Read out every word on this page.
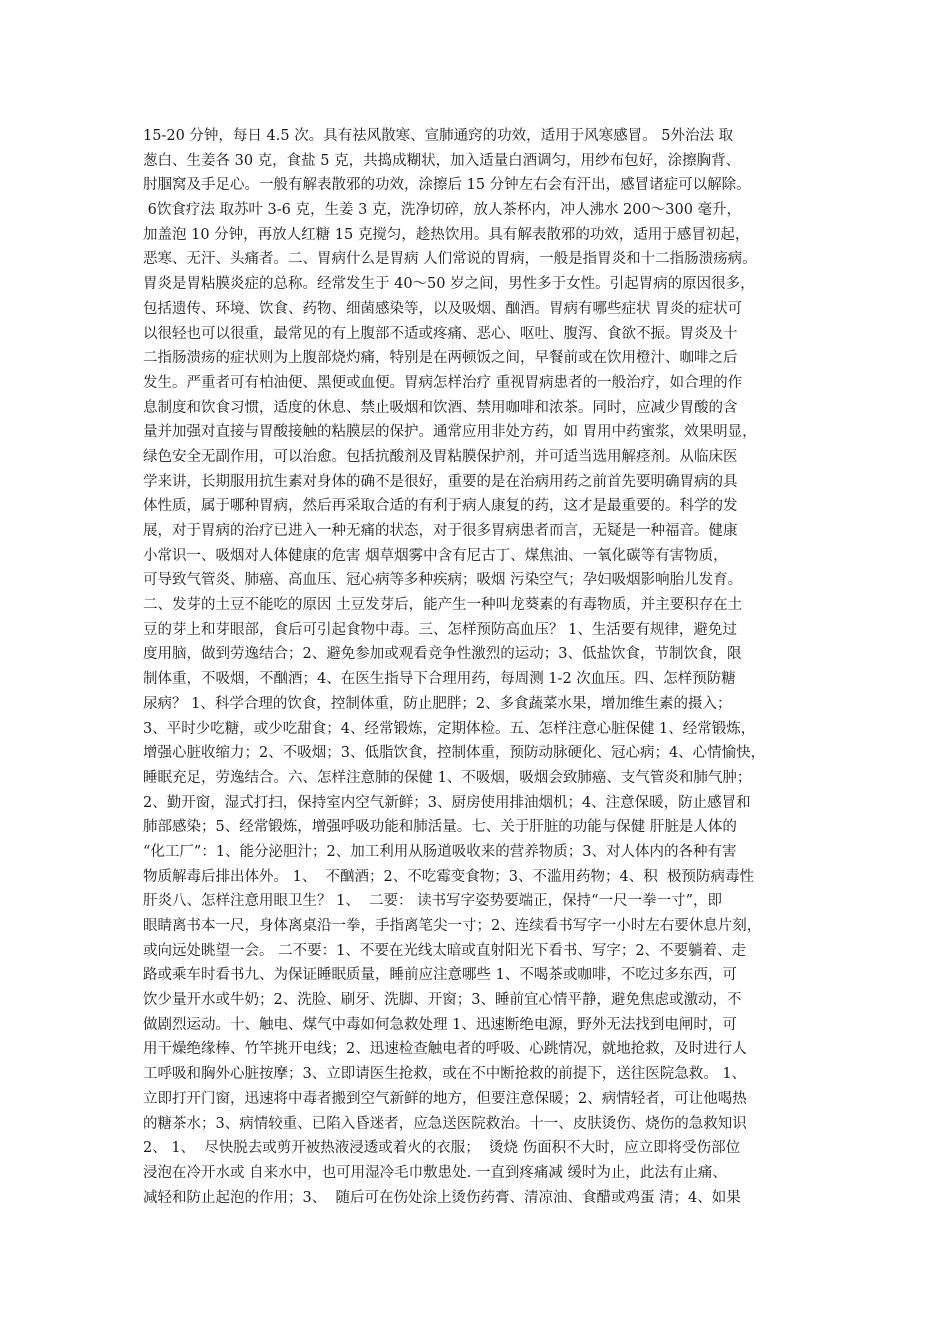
15-20 分钟，每日 4.5 次。具有祛风散寒、宣肺通窍的功效，适用于风寒感冒。 5外治法 取
葱白、生姜各 30 克，食盐 5 克，共捣成糊状，加入适量白酒调匀，用纱布包好，涂擦胸背、
肘腘窝及手足心。一般有解表散邪的功效，涂擦后 15 分钟左右会有汗出，感冒诸症可以解除。
6饮食疗法 取苏叶 3-6 克，生姜 3 克，洗净切碎，放人茶杯内，冲人沸水 200～300 毫升，
加盖泡 10 分钟，再放人红糖 15 克搅匀，趁热饮用。具有解表散邪的功效，适用于感冒初起，
恶寒、无汗、头痛者。二、胃病什么是胃病 人们常说的胃病，一般是指胃炎和十二指肠溃疡病。
胃炎是胃粘膜炎症的总称。经常发生于 40～50 岁之间，男性多于女性。引起胃病的原因很多，
包括遗传、环境、饮食、药物、细菌感染等，以及吸烟、酗酒。胃病有哪些症状 胃炎的症状可
以很轻也可以很重，最常见的有上腹部不适或疼痛、恶心、呕吐、腹泻、食欲不振。胃炎及十
二指肠溃疡的症状则为上腹部烧灼痛，特别是在两顿饭之间，早餐前或在饮用橙汁、咖啡之后
发生。严重者可有柏油便、黑便或血便。胃病怎样治疗 重视胃病患者的一般治疗，如合理的作
息制度和饮食习惯，适度的休息、禁止吸烟和饮酒、禁用咖啡和浓茶。同时，应减少胃酸的含
量并加强对直接与胃酸接触的粘膜层的保护。通常应用非处方药，如 胃用中药蜜浆，效果明显，
绿色安全无副作用，可以治愈。包括抗酸剂及胃粘膜保护剂，并可适当选用解痉剂。从临床医
学来讲，长期服用抗生素对身体的确不是很好，重要的是在治病用药之前首先要明确胃病的具
体性质，属于哪种胃病，然后再采取合适的有利于病人康复的药，这才是最重要的。科学的发
展，对于胃病的治疗已进入一种无痛的状态，对于很多胃病患者而言，无疑是一种福音。健康
小常识一、吸烟对人体健康的危害 烟草烟雾中含有尼古丁、煤焦油、一氧化碳等有害物质，
可导致气管炎、肺癌、高血压、冠心病等多种疾病；吸烟 污染空气；孕妇吸烟影响胎儿发育。
二、发芽的土豆不能吃的原因 土豆发芽后，能产生一种叫龙葵素的有毒物质，并主要积存在土
豆的芽上和芽眼部，食后可引起食物中毒。三、怎样预防高血压？ 1、生活要有规律，避免过
度用脑，做到劳逸结合；2、避免参加或观看竞争性激烈的运动；3、低盐饮食，节制饮食，限
制体重，不吸烟，不酗酒；4、在医生指导下合理用药，每周测 1-2 次血压。四、怎样预防糖
尿病？ 1、科学合理的饮食，控制体重，防止肥胖；2、多食蔬菜水果，增加维生素的摄入；
3、平时少吃糖，或少吃甜食；4、经常锻炼，定期体检。五、怎样注意心脏保健 1、经常锻炼，
增强心脏收缩力；2、不吸烟；3、低脂饮食，控制体重，预防动脉硬化、冠心病；4、心情愉快，
睡眠充足，劳逸结合。六、怎样注意肺的保健 1、不吸烟，吸烟会致肺癌、支气管炎和肺气肿；
2、勤开窗，湿式打扫，保持室内空气新鲜；3、厨房使用排油烟机；4、注意保暖，防止感冒和
肺部感染；5、经常锻炼，增强呼吸功能和肺活量。七、关于肝脏的功能与保健 肝脏是人体的
“化工厂”：1、能分泌胆汁；2、加工利用从肠道吸收来的营养物质；3、对人体内的各种有害
物质解毒后排出体外。 1、  不酗酒；2、不吃霉变食物；3、不滥用药物；4、积  极预防病毒性
肝炎八、怎样注意用眼卫生？ 1、  二要： 读书写字姿势要端正，保持“一尺一拳一寸”，即
眼睛离书本一尺，身体离桌沿一拳，手指离笔尖一寸；2、连续看书写字一小时左右要休息片刻，
或向远处眺望一会。 二不要：1、不要在光线太暗或直射阳光下看书、写字；2、不要躺着、走
路或乘车时看书九、为保证睡眠质量，睡前应注意哪些 1、不喝茶或咖啡，不吃过多东西，可
饮少量开水或牛奶；2、洗脸、刷牙、洗脚、开窗；3、睡前宜心情平静，避免焦虑或激动，不
做剧烈运动。十、触电、煤气中毒如何急救处理 1、迅速断绝电源，野外无法找到电闸时，可
用干燥绝缘棒、竹竿挑开电线；2、迅速检查触电者的呼吸、心跳情况，就地抢救，及时进行人
工呼吸和胸外心脏按摩；3、立即请医生抢救，或在不中断抢救的前提下，送往医院急救。 1、
立即打开门窗，迅速将中毒者搬到空气新鲜的地方，但要注意保暖；2、病情轻者，可让他喝热
的糖茶水；3、病情较重、已陷入昏迷者，应急送医院救治。十一、皮肤烫伤、烧伤的急救知识
2、 1、  尽快脱去或剪开被热液浸透或着火的衣服；  烫烧 伤面积不大时，应立即将受伤部位
浸泡在冷开水或 自来水中，也可用湿冷毛巾敷患处. 一直到疼痛减 缓时为止，此法有止痛、
减轻和防止起泡的作用；3、  随后可在伤处涂上烫伤药膏、清凉油、食醋或鸡蛋 清；4、如果
